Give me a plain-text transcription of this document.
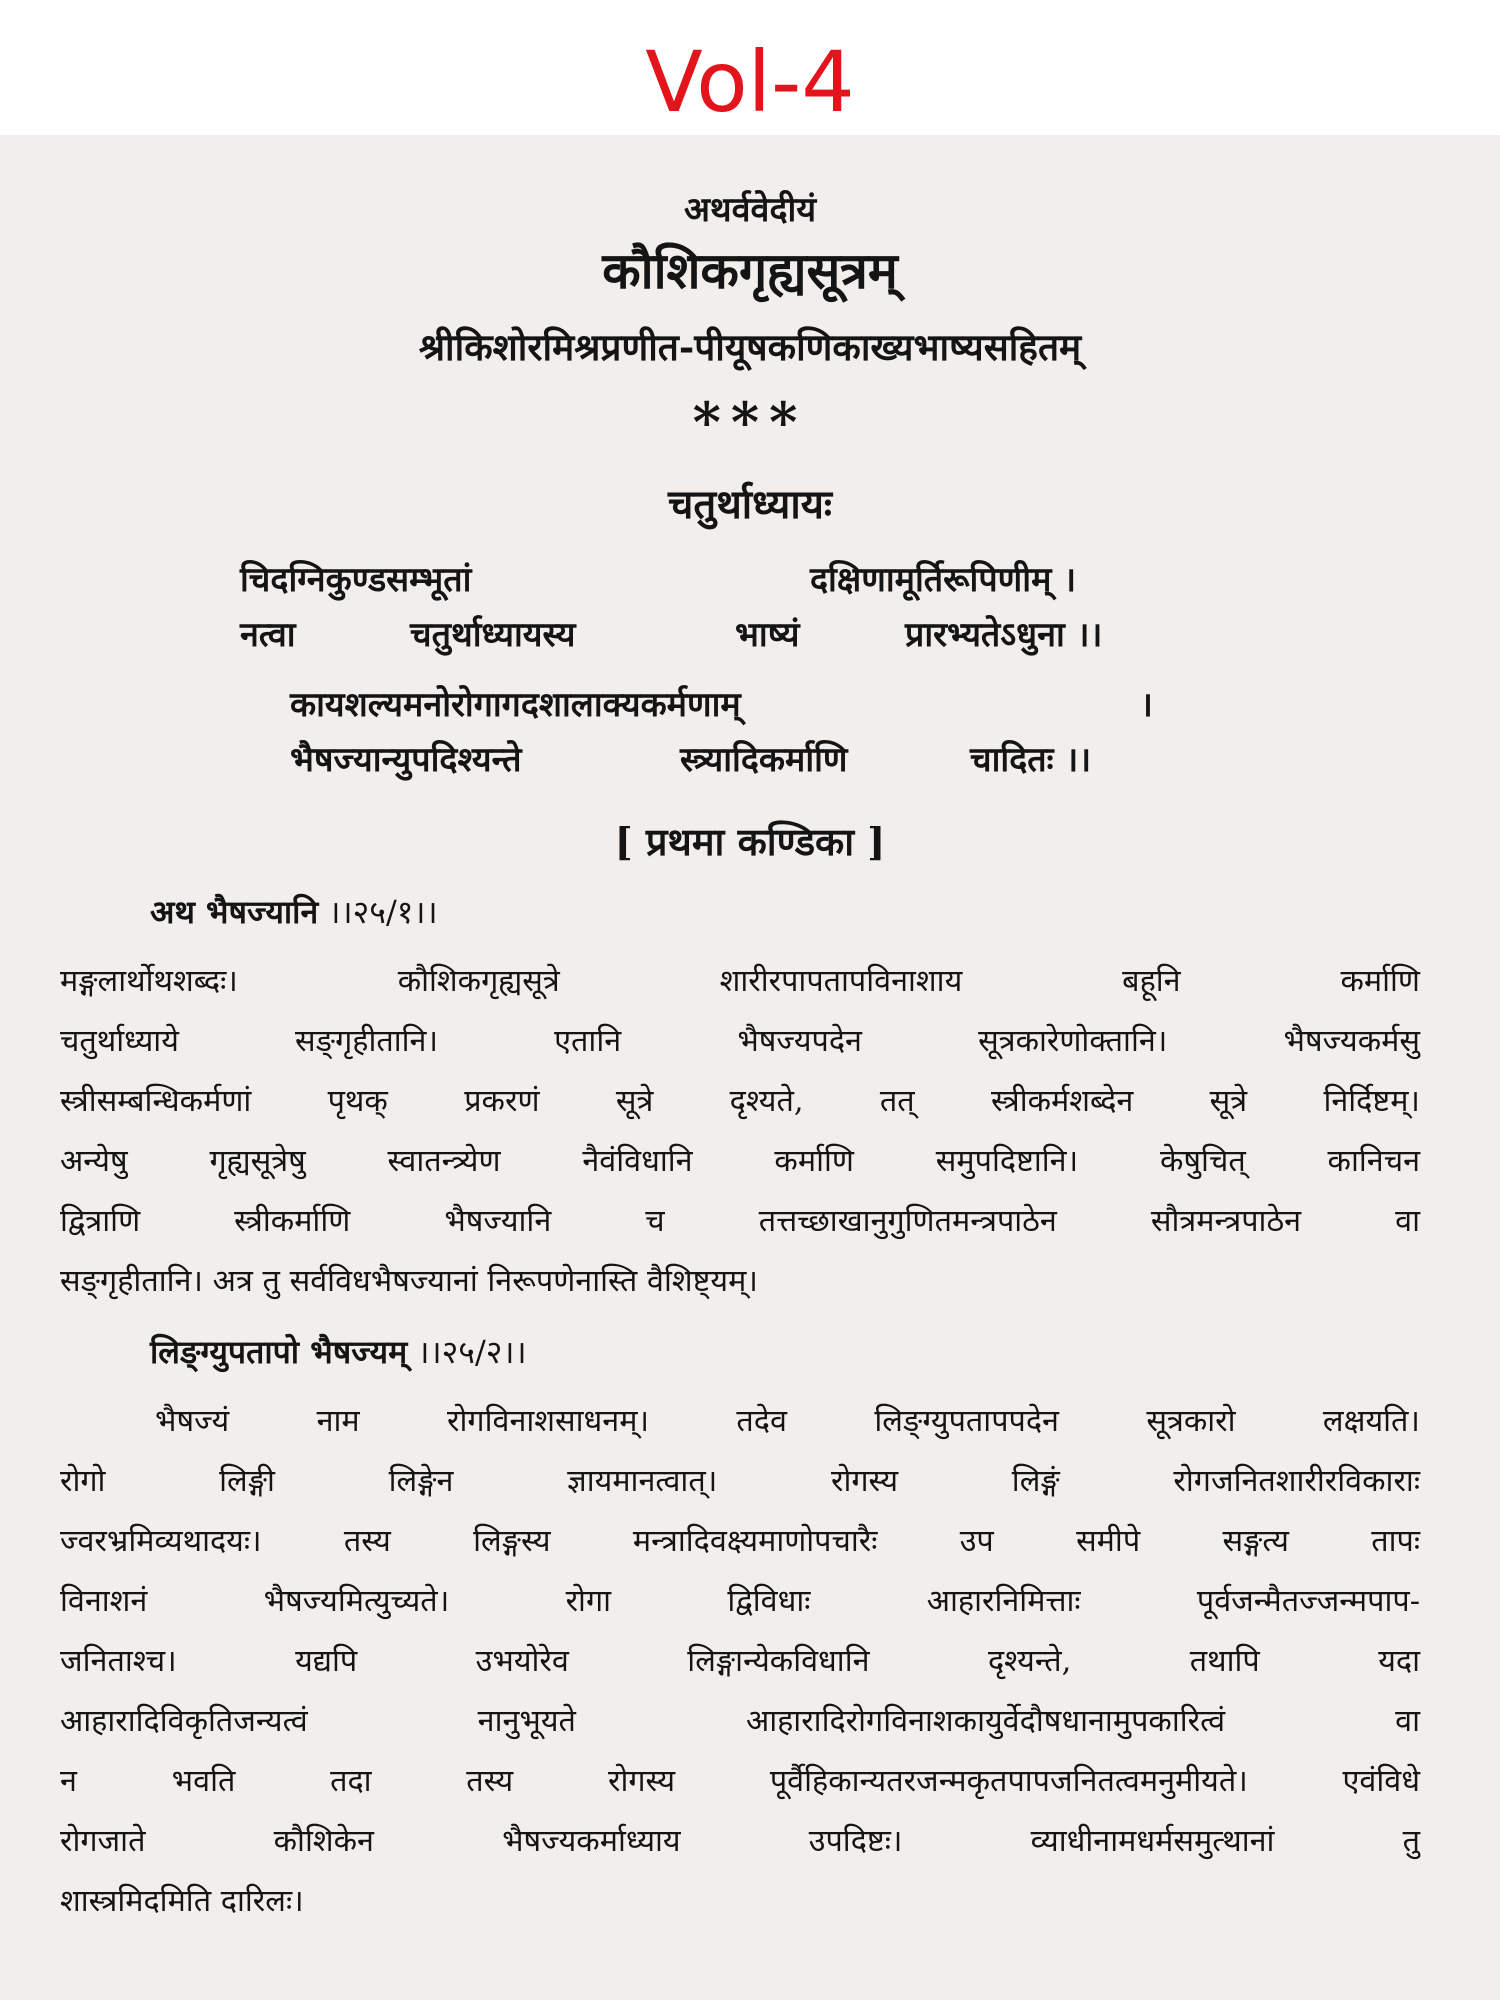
Vol-4
अथर्ववेदीयं
कौशिकगृह्यसूत्रम्
श्रीकिशोरमिश्रप्रणीत-पीयूषकणिकाख्यभाष्यसहितम्
***
चतुर्थाध्यायः
चिदग्निकुण्डसम्भूतां	दक्षिणामूर्तिरूपिणीम् ।
नत्वा	चतुर्थाध्यायस्य	भाष्यं	प्रारभ्यतेऽधुना ।।
कायशल्यमनोरोगागदशालाक्यकर्मणाम्	।
भैषज्यान्युपदिश्यन्ते	स्त्र्यादिकर्माणि	चादितः ।।
[ प्रथमा कण्डिका ]
अथ भैषज्यानि ।।२५/१।।
मङ्गलार्थोथशब्दः। कौशिकगृह्यसूत्रे शारीरपापतापविनाशाय बहूनि कर्माणि
चतुर्थाध्याये सङ्गृहीतानि। एतानि भैषज्यपदेन सूत्रकारेणोक्तानि। भैषज्यकर्मसु
स्त्रीसम्बन्धिकर्मणां पृथक् प्रकरणं सूत्रे दृश्यते, तत् स्त्रीकर्मशब्देन सूत्रे निर्दिष्टम्।
अन्येषु गृह्यसूत्रेषु स्वातन्त्र्येण नैवंविधानि कर्माणि समुपदिष्टानि। केषुचित् कानिचन
द्वित्राणि स्त्रीकर्माणि भैषज्यानि च तत्तच्छाखानुगुणितमन्त्रपाठेन सौत्रमन्त्रपाठेन वा
सङ्गृहीतानि। अत्र तु सर्वविधभैषज्यानां निरूपणेनास्ति वैशिष्ट्यम्।
लिङ्ग्युपतापो भैषज्यम् ।।२५/२।।
भैषज्यं नाम रोगविनाशसाधनम्। तदेव लिङ्ग्युपतापपदेन सूत्रकारो लक्षयति।
रोगो लिङ्गी लिङ्गेन ज्ञायमानत्वात्। रोगस्य लिङ्गं रोगजनितशारीरविकाराः
ज्वरभ्रमिव्यथादयः। तस्य लिङ्गस्य मन्त्रादिवक्ष्यमाणोपचारैः उप समीपे सङ्गत्य तापः
विनाशनं भैषज्यमित्युच्यते। रोगा द्विविधाः आहारनिमित्ताः पूर्वजन्मैतज्जन्मपाप-
जनिताश्च। यद्यपि उभयोरेव लिङ्गान्येकविधानि दृश्यन्ते, तथापि यदा
आहारादिविकृतिजन्यत्वं नानुभूयते आहारादिरोगविनाशकायुर्वेदौषधानामुपकारित्वं वा
न भवति तदा तस्य रोगस्य पूर्वैहिकान्यतरजन्मकृतपापजनितत्वमनुमीयते। एवंविधे
रोगजाते कौशिकेन भैषज्यकर्माध्याय उपदिष्टः। व्याधीनामधर्मसमुत्थानां तु
शास्त्रमिदमिति दारिलः।
